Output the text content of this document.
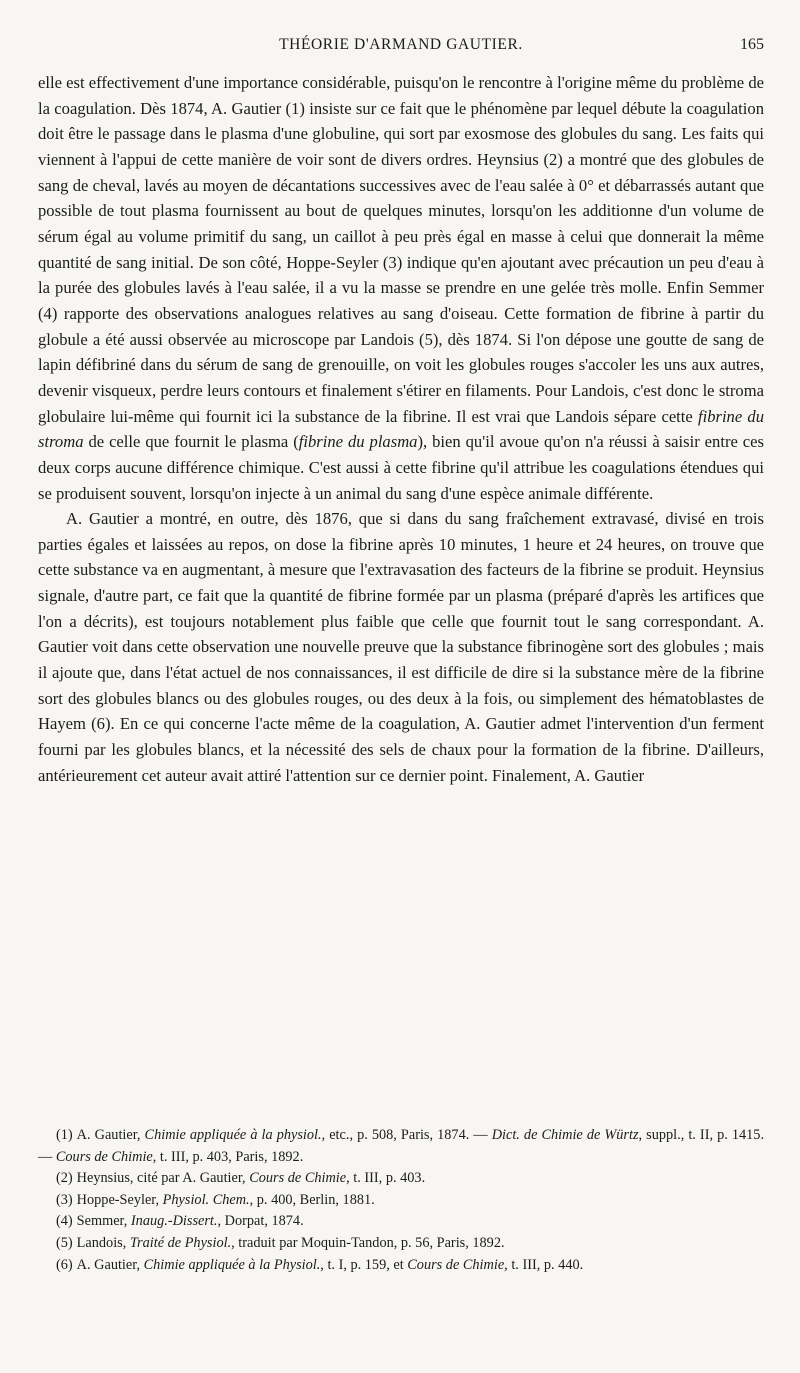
THÉORIE D'ARMAND GAUTIER.	165

elle est effectivement d'une importance considérable, puisqu'on le rencontre à l'origine même du problème de la coagulation. Dès 1874, A. Gautier (1) insiste sur ce fait que le phénomène par lequel débute la coagulation doit être le passage dans le plasma d'une globuline, qui sort par exosmose des globules du sang. Les faits qui viennent à l'appui de cette manière de voir sont de divers ordres. Heynsius (2) a montré que des globules de sang de cheval, lavés au moyen de décantations successives avec de l'eau salée à 0° et débarrassés autant que possible de tout plasma fournissent au bout de quelques minutes, lorsqu'on les additionne d'un volume de sérum égal au volume primitif du sang, un caillot à peu près égal en masse à celui que donnerait la même quantité de sang initial. De son côté, Hoppe-Seyler (3) indique qu'en ajoutant avec précaution un peu d'eau à la purée des globules lavés à l'eau salée, il a vu la masse se prendre en une gelée très molle. Enfin Semmer (4) rapporte des observations analogues relatives au sang d'oiseau. Cette formation de fibrine à partir du globule a été aussi observée au microscope par Landois (5), dès 1874. Si l'on dépose une goutte de sang de lapin défibriné dans du sérum de sang de grenouille, on voit les globules rouges s'accoler les uns aux autres, devenir visqueux, perdre leurs contours et finalement s'étirer en filaments. Pour Landois, c'est donc le stroma globulaire lui-même qui fournit ici la substance de la fibrine. Il est vrai que Landois sépare cette fibrine du stroma de celle que fournit le plasma (fibrine du plasma), bien qu'il avoue qu'on n'a réussi à saisir entre ces deux corps aucune différence chimique. C'est aussi à cette fibrine qu'il attribue les coagulations étendues qui se produisent souvent, lorsqu'on injecte à un animal du sang d'une espèce animale différente.

A. Gautier a montré, en outre, dès 1876, que si dans du sang fraîchement extravasé, divisé en trois parties égales et laissées au repos, on dose la fibrine après 10 minutes, 1 heure et 24 heures, on trouve que cette substance va en augmentant, à mesure que l'extravasation des facteurs de la fibrine se produit. Heynsius signale, d'autre part, ce fait que la quantité de fibrine formée par un plasma (préparé d'après les artifices que l'on a décrits), est toujours notablement plus faible que celle que fournit tout le sang correspondant. A. Gautier voit dans cette observation une nouvelle preuve que la substance fibrinogène sort des globules ; mais il ajoute que, dans l'état actuel de nos connaissances, il est difficile de dire si la substance mère de la fibrine sort des globules blancs ou des globules rouges, ou des deux à la fois, ou simplement des hématoblastes de Hayem (6). En ce qui concerne l'acte même de la coagulation, A. Gautier admet l'intervention d'un ferment fourni par les globules blancs, et la nécessité des sels de chaux pour la formation de la fibrine. D'ailleurs, antérieurement cet auteur avait attiré l'attention sur ce dernier point. Finalement, A. Gautier

(1) A. Gautier, Chimie appliquée à la physiol., etc., p. 508, Paris, 1874. — Dict. de Chimie de Würtz, suppl., t. II, p. 1415. — Cours de Chimie, t. III, p. 403, Paris, 1892.

(2) Heynsius, cité par A. Gautier, Cours de Chimie, t. III, p. 403.

(3) Hoppe-Seyler, Physiol. Chem., p. 400, Berlin, 1881.

(4) Semmer, Inaug.-Dissert., Dorpat, 1874.

(5) Landois, Traité de Physiol., traduit par Moquin-Tandon, p. 56, Paris, 1892.

(6) A. Gautier, Chimie appliquée à la Physiol., t. I, p. 159, et Cours de Chimie, t. III, p. 440.
